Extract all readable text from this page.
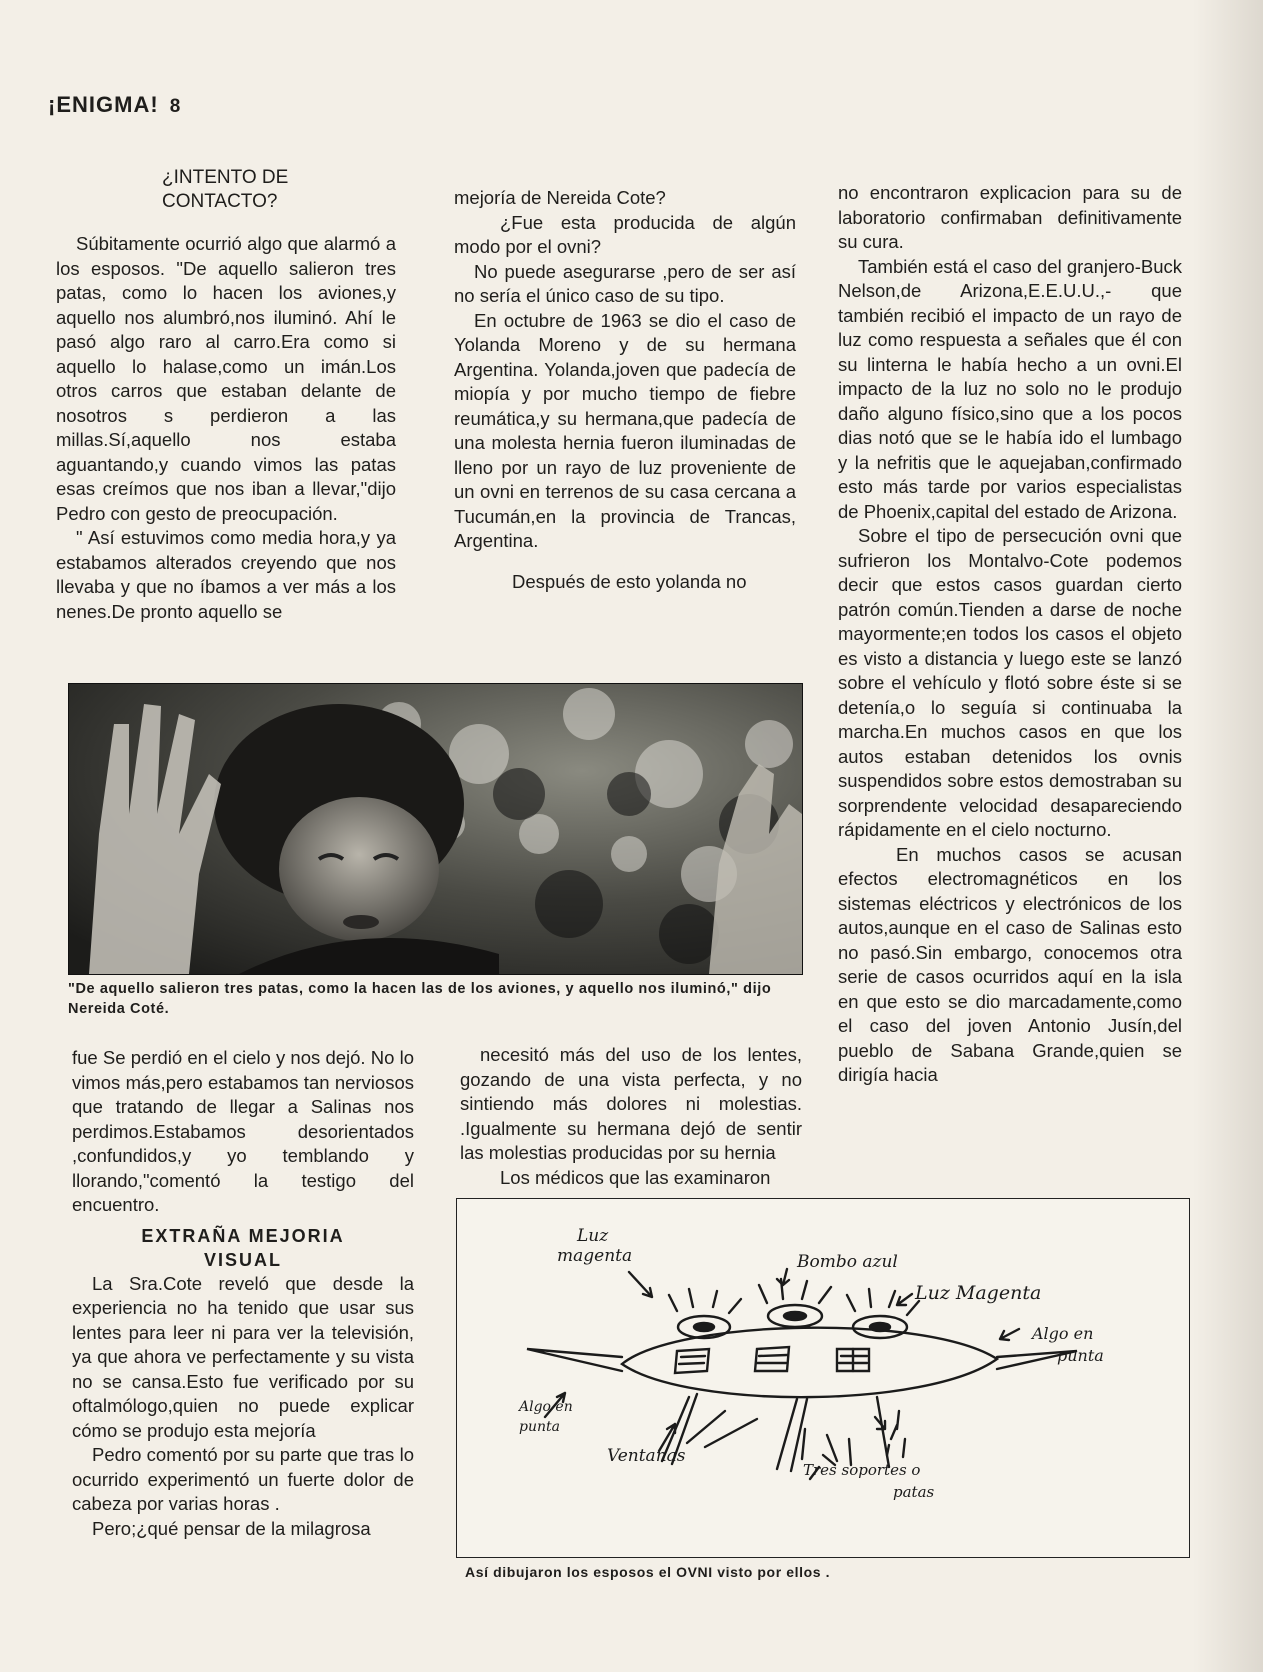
¡ENIGMA! 8
¿INTENTO DE
CONTACTO?

Súbitamente ocurrió algo que alarmó a los esposos. "De aquello salieron tres patas, como lo hacen los aviones,y aquello nos alumbró,nos iluminó. Ahí le pasó algo raro al carro.Era como si aquello lo halase,como un imán.Los otros carros que estaban delante de nosotros s perdieron a las millas.Sí,aquello nos estaba aguantando,y cuando vimos las patas esas creímos que nos iban a llevar,"dijo Pedro con gesto de preocupación.

" Así estuvimos como media hora,y ya estabamos alterados creyendo que nos llevaba y que no íbamos a ver más a los nenes.De pronto aquello se

mejoría de Nereida Cote?

¿Fue esta producida de algún modo por el ovni?

No puede asegurarse ,pero de ser así no sería el único caso de su tipo.

En octubre de 1963 se dio el caso de Yolanda Moreno y de su hermana Argentina. Yolanda,joven que padecía de miopía y por mucho tiempo de fiebre reumática,y su hermana,que padecía de una molesta hernia fueron iluminadas de lleno por un rayo de luz proveniente de un ovni en terrenos de su casa cercana a Tucumán,en la provincia de Trancas, Argentina.

Después de esto yolanda no

no encontraron explicacion para su de laboratorio confirmaban definitivamente su cura.

También está el caso del granjero-Buck Nelson,de Arizona,E.E.U.U.,- que también recibió el impacto de un rayo de luz como respuesta a señales que él con su linterna le había hecho a un ovni.El impacto de la luz no solo no le produjo daño alguno físico,sino que a los pocos dias notó que se le había ido el lumbago y la nefritis que le aquejaban,confirmado esto más tarde por varios especialistas de Phoenix,capital del estado de Arizona.

Sobre el tipo de persecución ovni que sufrieron los Montalvo-Cote podemos decir que estos casos guardan cierto patrón común.Tienden a darse de noche mayormente;en todos los casos el objeto es visto a distancia y luego este se lanzó sobre el vehículo y flotó sobre éste si se detenía,o lo seguía si continuaba la marcha.En muchos casos en que los autos estaban detenidos los ovnis suspendidos sobre estos demostraban su sorprendente velocidad desapareciendo rápidamente en el cielo nocturno.

En muchos casos se acusan efectos electromagnéticos en los sistemas eléctricos y electrónicos de los autos,aunque en el caso de Salinas esto no pasó.Sin embargo, conocemos otra serie de casos ocurridos aquí en la isla en que esto se dio marcadamente,como el caso del joven Antonio Jusín,del pueblo de Sabana Grande,quien se dirigía hacia

"De aquello salieron tres patas, como la hacen las de los aviones, y aquello nos iluminó," dijo Nereida Coté.

fue Se perdió en el cielo y nos dejó. No lo vimos más,pero estabamos tan nerviosos que tratando de llegar a Salinas nos perdimos.Estabamos desorientados ,confundidos,y yo temblando y llorando,"comentó la testigo del encuentro.

EXTRAÑA MEJORIA
VISUAL

La Sra.Cote reveló que desde la experiencia no ha tenido que usar sus lentes para leer ni para ver la televisión, ya que ahora ve perfectamente y su vista no se cansa.Esto fue verificado por su oftalmólogo,quien no puede explicar cómo se produjo esta mejoría

Pedro comentó por su parte que tras lo ocurrido experimentó un fuerte dolor de cabeza por varias horas .

Pero;¿qué pensar de la milagrosa

necesitó más del uso de los lentes, gozando de una vista perfecta, y no sintiendo más dolores ni molestias. .Igualmente su hermana dejó de sentir las molestias producidas por su hernia

Los médicos que las examinaron

Luz
magenta	Bombo azul
Luz Magenta
Algo en
punta
Algo en
punta
Ventanas
Tres soportes o
patas
Así dibujaron los esposos el OVNI visto por ellos .
